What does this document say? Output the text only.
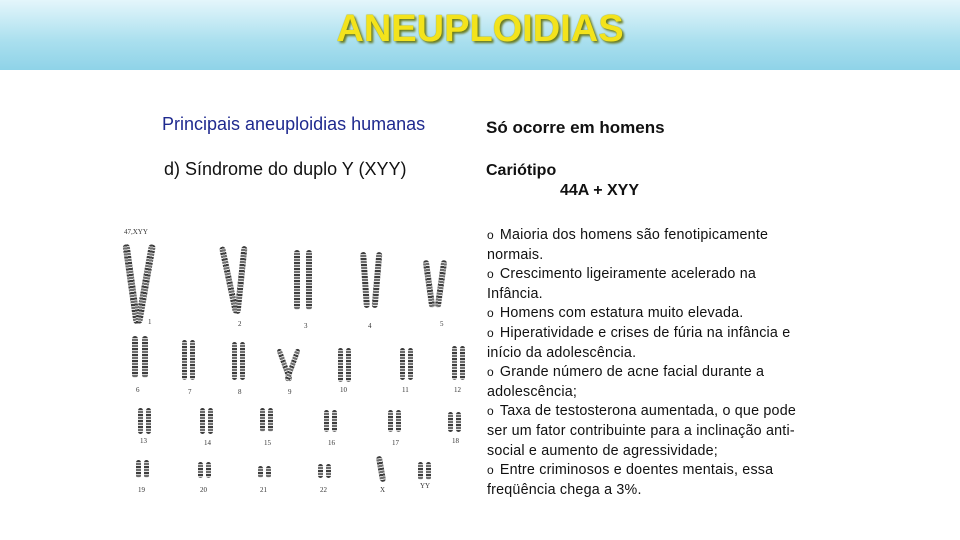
ANEUPLOIDIAS
Principais aneuploidias humanas	Só ocorre em homens
d) Síndrome do duplo Y (XYY)	Cariótipo
44A + XYY
o Maioria dos homens são fenotipicamente normais.
o Crescimento ligeiramente acelerado na Infância.
o Homens com estatura muito elevada.
o Hiperatividade e crises de fúria na infância e início da adolescência.
o Grande número de acne facial durante a adolescência;
o Taxa de testosterona aumentada, o que pode ser um fator contribuinte para a inclinação anti-social e aumento de agressividade;
o Entre criminosos e doentes mentais, essa freqüência chega a 3%.
47,XYY
1	2	3	4	5
6	7	8	9	10	11	12
13	14	15	16	17	18
19	20	21	22	X	YY
